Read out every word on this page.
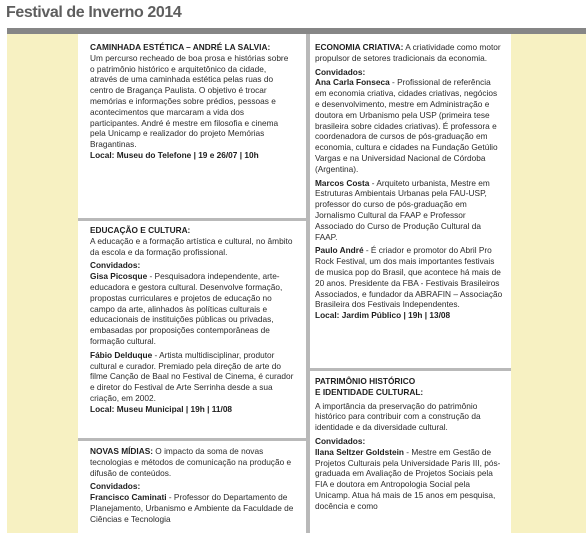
Festival de Inverno 2014

CAMINHADA ESTÉTICA – ANDRÉ LA SALVIA:

Um percurso recheado de boa prosa e histórias sobre o patrimônio histórico e arquitetônico da cidade, através de uma caminhada estética pelas ruas do centro de Bragança Paulista. O objetivo é trocar memórias e informações sobre prédios, pessoas e acontecimentos que marcaram a vida dos participantes. André é mestre em filosofia e cinema pela Unicamp e realizador do projeto Memórias Bragantinas.

Local: Museu do Telefone | 19 e 26/07 | 10h

EDUCAÇÃO E CULTURA:

A educação e a formação artística e cultural, no âmbito da escola e da formação profissional.

Convidados:

Gisa Picosque - Pesquisadora independente, arte-educadora e gestora cultural. Desenvolve formação, propostas curriculares e projetos de educação no campo da arte, alinhados às políticas culturais e educacionais de instituições públicas ou privadas, embasadas por proposições contemporâneas de formação cultural.

Fábio Delduque - Artista multidisciplinar, produtor cultural e curador. Premiado pela direção de arte do filme Canção de Baal no Festival de Cinema, é curador e diretor do Festival de Arte Serrinha desde a sua criação, em 2002.

Local: Museu Municipal | 19h | 11/08

NOVAS MÍDIAS: O impacto da soma de novas tecnologias e métodos de comunicação na produção e difusão de conteúdos.

Convidados:

Francisco Caminati - Professor do Departamento de Planejamento, Urbanismo e Ambiente da Faculdade de Ciências e Tecnologia

ECONOMIA CRIATIVA: A criatividade como motor propulsor de setores tradicionais da economia.

Convidados:

Ana Carla Fonseca - Profissional de referência em economia criativa, cidades criativas, negócios e desenvolvimento, mestre em Administração e doutora em Urbanismo pela USP (primeira tese brasileira sobre cidades criativas). É professora e coordenadora de cursos de pós-graduação em economia, cultura e cidades na Fundação Getúlio Vargas e na Universidad Nacional de Córdoba (Argentina).

Marcos Costa - Arquiteto urbanista, Mestre em Estruturas Ambientais Urbanas pela FAU-USP, professor do curso de pós-graduação em Jornalismo Cultural da FAAP e Professor Associado do Curso de Produção Cultural da FAAP.

Paulo André - É criador e promotor do Abril Pro Rock Festival, um dos mais importantes festivais de musica pop do Brasil, que acontece há mais de 20 anos. Presidente da FBA - Festivais Brasileiros Associados, e fundador da ABRAFIN – Associação Brasileira dos Festivais Independentes.

Local: Jardim Público | 19h | 13/08

PATRIMÔNIO HISTÓRICO

E IDENTIDADE CULTURAL:

A importância da preservação do patrimônio histórico para contribuir com a construção da identidade e da diversidade cultural.

Convidados:

Ilana Seltzer Goldstein - Mestre em Gestão de Projetos Culturais pela Universidade Paris III, pós-graduada em Avaliação de Projetos Sociais pela FIA e doutora em Antropologia Social pela Unicamp. Atua há mais de 15 anos em pesquisa, docência e como
